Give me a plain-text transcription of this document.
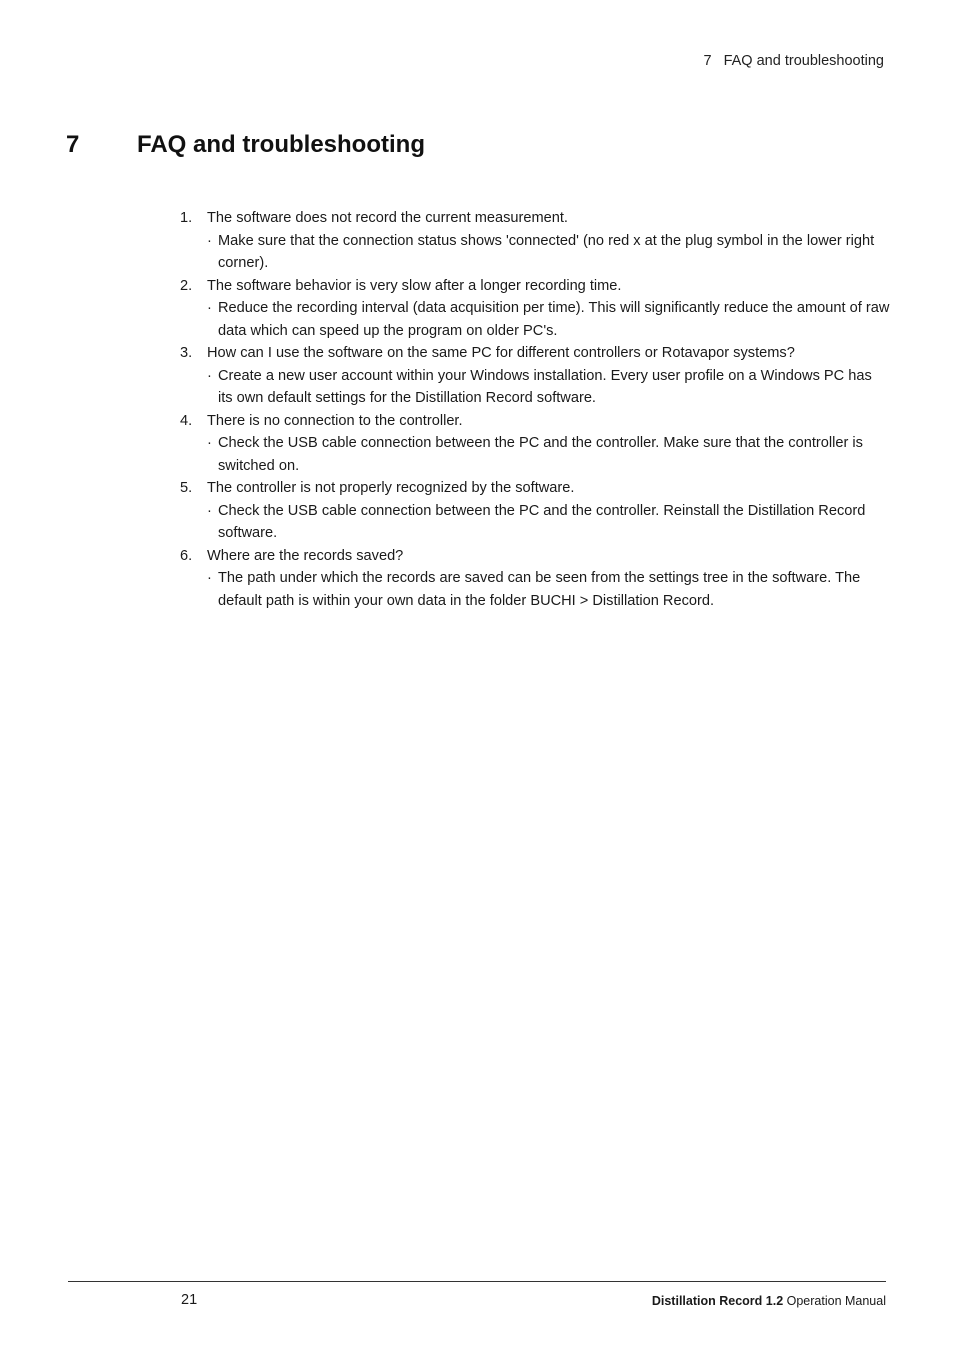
7 FAQ and troubleshooting
7 FAQ and troubleshooting
1.	The software does not record the current measurement.
· Make sure that the connection status shows 'connected' (no red x at the plug symbol in the lower right corner).
2.	The software behavior is very slow after a longer recording time.
· Reduce the recording interval (data acquisition per time). This will significantly reduce the amount of raw data which can speed up the program on older PC's.
3.	How can I use the software on the same PC for different controllers or Rotavapor systems?
· Create a new user account within your Windows installation. Every user profile on a Windows PC has its own default settings for the Distillation Record software.
4.	There is no connection to the controller.
· Check the USB cable connection between the PC and the controller. Make sure that the controller is switched on.
5.	The controller is not properly recognized by the software.
· Check the USB cable connection between the PC and the controller. Reinstall the Distillation Record software.
6.	Where are the records saved?
· The path under which the records are saved can be seen from the settings tree in the software. The default path is within your own data in the folder BUCHI > Distillation Record.
21	Distillation Record 1.2 Operation Manual
